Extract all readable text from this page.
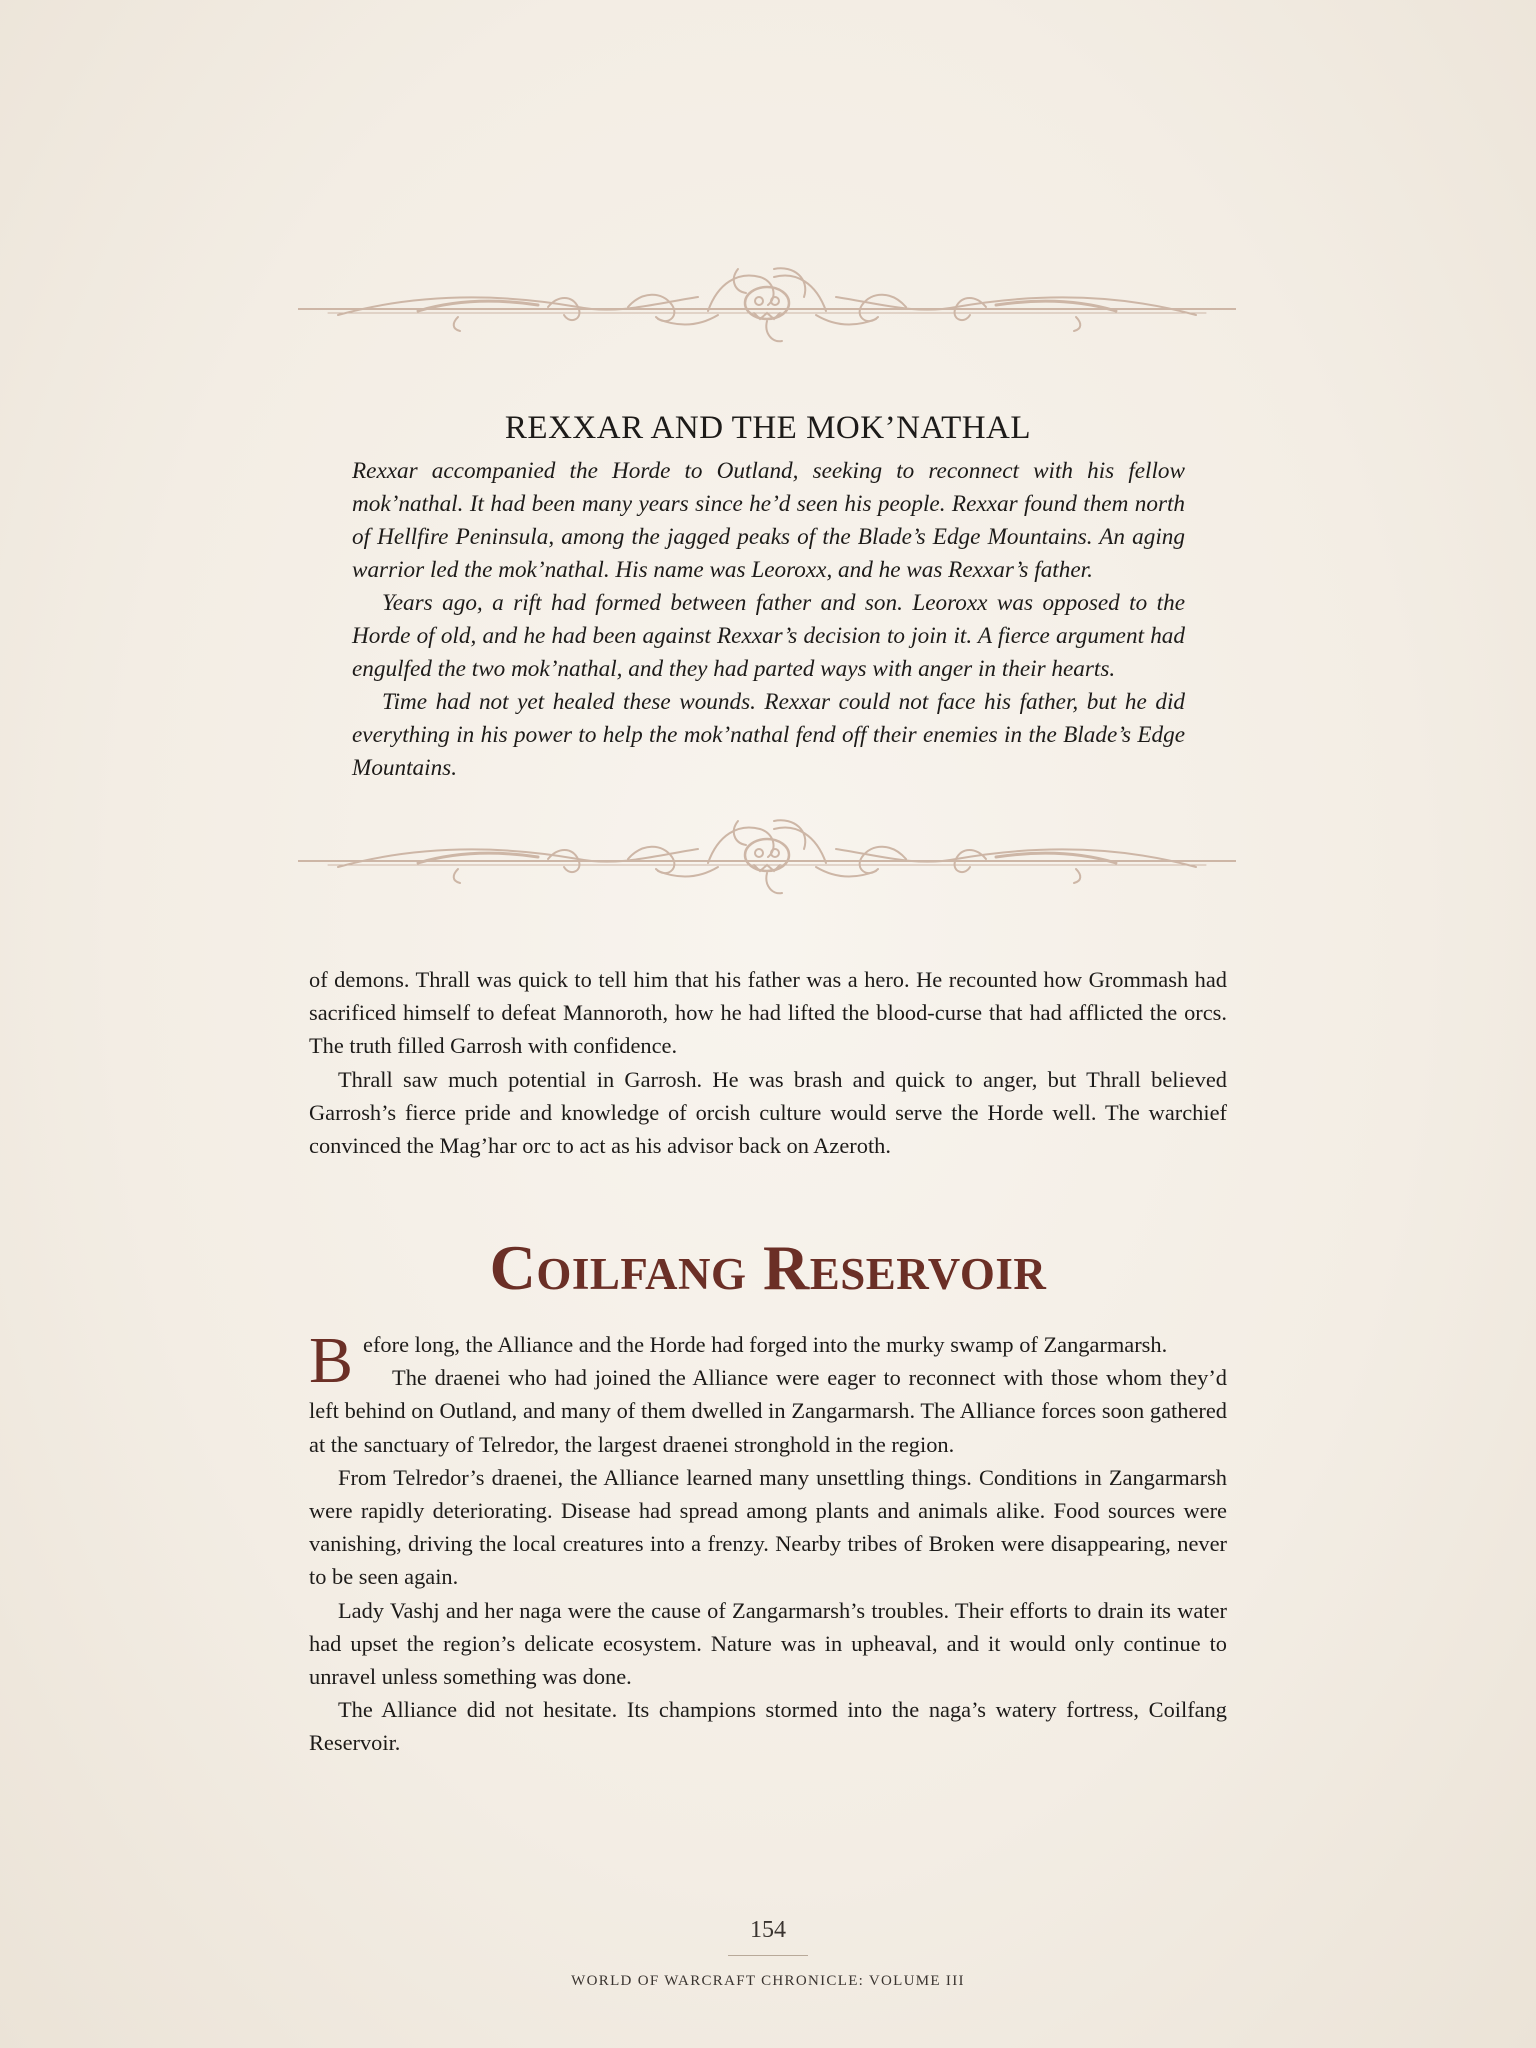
REXXAR AND THE MOK’NATHAL

Rexxar accompanied the Horde to Outland, seeking to reconnect with his fellow mok’nathal. It had been many years since he’d seen his people. Rexxar found them north of Hellfire Peninsula, among the jagged peaks of the Blade’s Edge Mountains. An aging warrior led the mok’nathal. His name was Leoroxx, and he was Rexxar’s father.

Years ago, a rift had formed between father and son. Leoroxx was opposed to the Horde of old, and he had been against Rexxar’s decision to join it. A fierce argument had engulfed the two mok’nathal, and they had parted ways with anger in their hearts.

Time had not yet healed these wounds. Rexxar could not face his father, but he did everything in his power to help the mok’nathal fend off their enemies in the Blade’s Edge Mountains.

of demons. Thrall was quick to tell him that his father was a hero. He recounted how Grommash had sacrificed himself to defeat Mannoroth, how he had lifted the blood-curse that had afflicted the orcs. The truth filled Garrosh with confidence.

Thrall saw much potential in Garrosh. He was brash and quick to anger, but Thrall believed Garrosh’s fierce pride and knowledge of orcish culture would serve the Horde well. The warchief convinced the Mag’har orc to act as his advisor back on Azeroth.

Coilfang Reservoir

Before long, the Alliance and the Horde had forged into the murky swamp of Zangarmarsh.

The draenei who had joined the Alliance were eager to reconnect with those whom they’d left behind on Outland, and many of them dwelled in Zangarmarsh. The Alliance forces soon gathered at the sanctuary of Telredor, the largest draenei stronghold in the region.

From Telredor’s draenei, the Alliance learned many unsettling things. Conditions in Zangarmarsh were rapidly deteriorating. Disease had spread among plants and animals alike. Food sources were vanishing, driving the local creatures into a frenzy. Nearby tribes of Broken were disappearing, never to be seen again.

Lady Vashj and her naga were the cause of Zangarmarsh’s troubles. Their efforts to drain its water had upset the region’s delicate ecosystem. Nature was in upheaval, and it would only continue to unravel unless something was done.

The Alliance did not hesitate. Its champions stormed into the naga’s watery fortress, Coilfang Reservoir.

154
WORLD OF WARCRAFT CHRONICLE: VOLUME III
